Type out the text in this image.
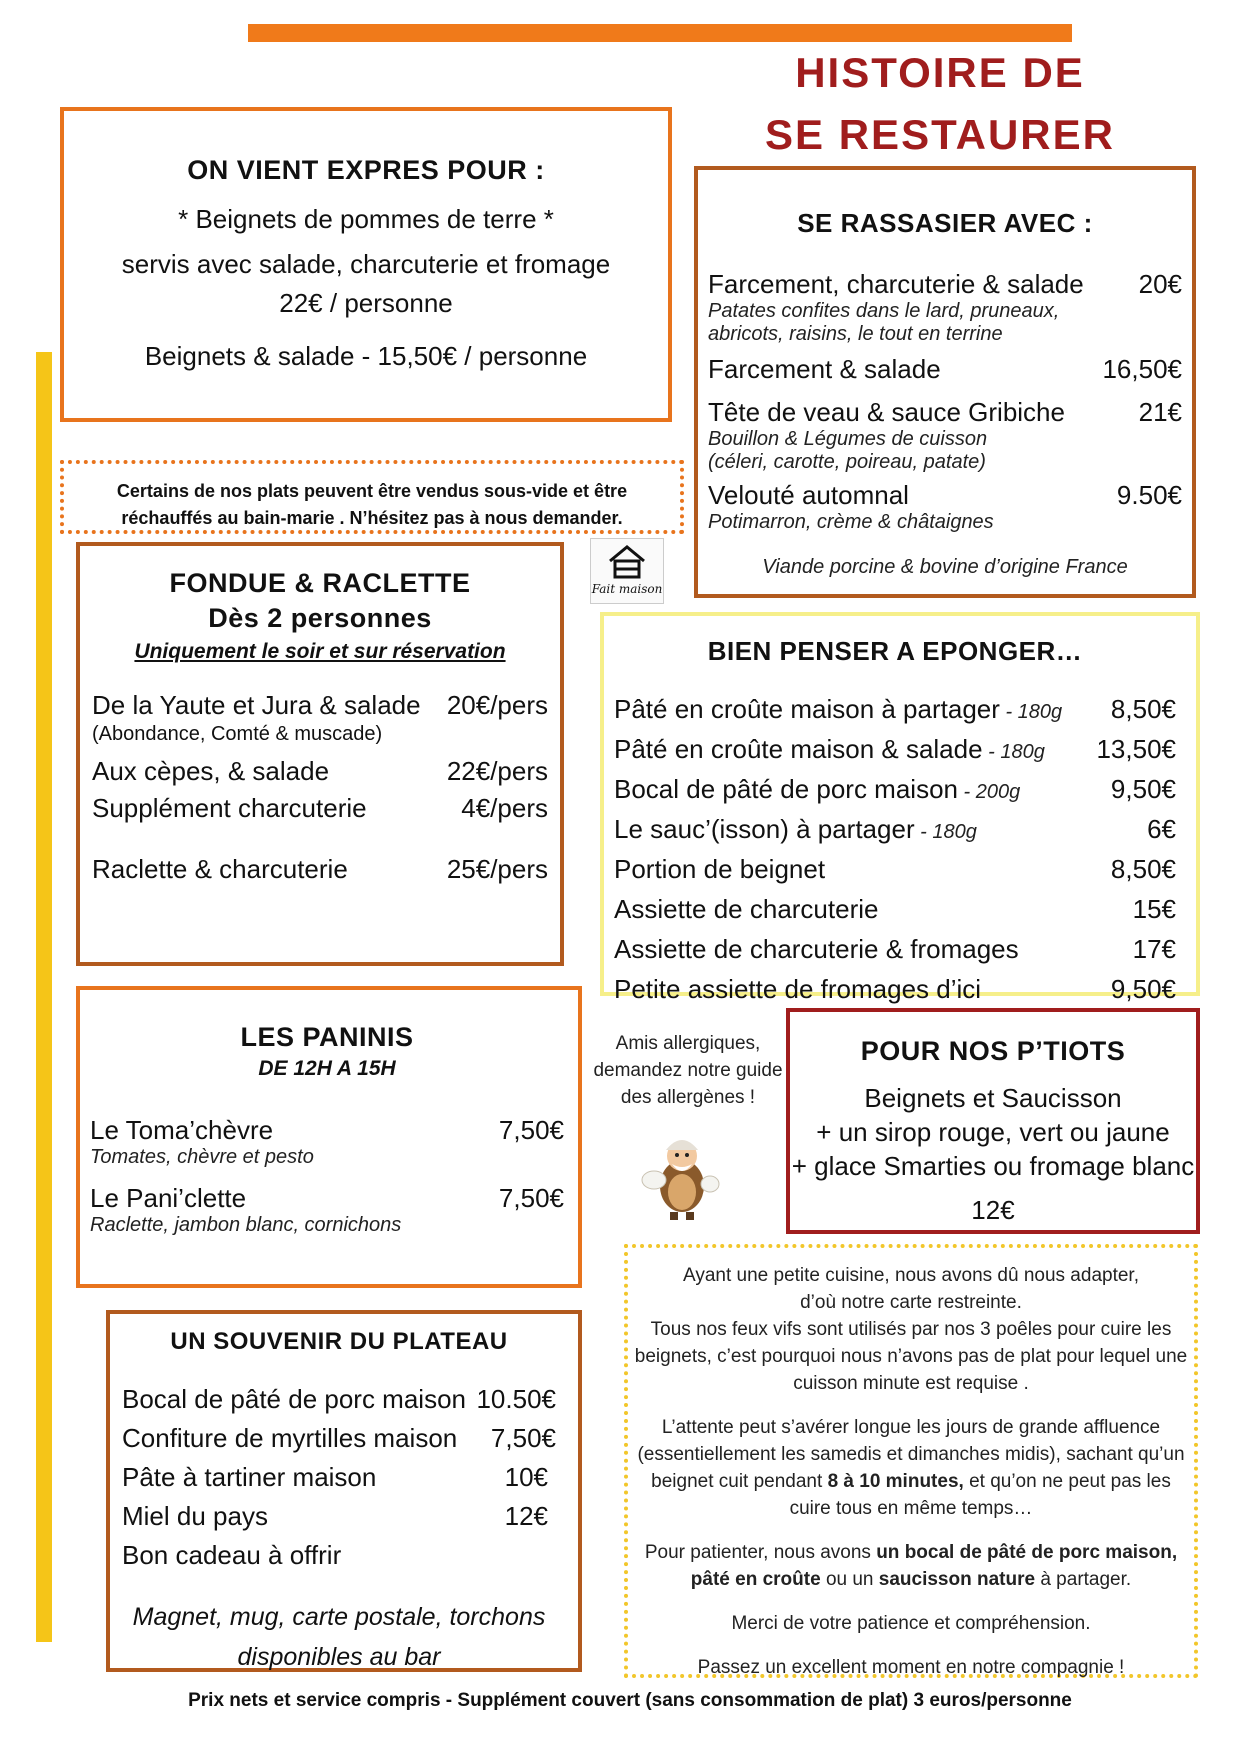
HISTOIRE DE
SE RESTAURER
ON VIENT EXPRES POUR :
* Beignets de pommes de terre *
servis avec salade, charcuterie et fromage
22€ / personne
Beignets & salade - 15,50€ / personne
Certains de nos plats peuvent être vendus sous-vide et être
réchauffés au bain-marie . N’hésitez pas à nous demander.
Fait maison
FONDUE & RACLETTE
Dès 2 personnes
Uniquement le soir et sur réservation
De la Yaute et Jura & salade 20€/pers
(Abondance, Comté & muscade)
Aux cèpes, & salade	22€/pers
Supplément charcuterie	4€/pers
Raclette & charcuterie	25€/pers
LES PANINIS
DE 12H A 15H
Le Toma’chèvre	7,50€
Tomates, chèvre et pesto
Le Pani’clette	7,50€
Raclette, jambon blanc, cornichons
UN SOUVENIR DU PLATEAU
Bocal de pâté de porc maison 10.50€
Confiture de myrtilles maison 7,50€
Pâte à tartiner maison	10€
Miel du pays	12€
Bon cadeau à offrir
Magnet, mug, carte postale, torchons
disponibles au bar
SE RASSASIER AVEC :
Farcement, charcuterie & salade 20€
Patates confites dans le lard, pruneaux,
abricots, raisins, le tout en terrine
Farcement & salade	16,50€
Tête de veau & sauce Gribiche	21€
Bouillon & Légumes de cuisson
(céleri, carotte, poireau, patate)
Velouté automnal	9.50€
Potimarron, crème & châtaignes
Viande porcine & bovine d’origine France
BIEN PENSER A EPONGER…
Pâté en croûte maison à partager - 180g 8,50€
Pâté en croûte maison & salade - 180g 13,50€
Bocal de pâté de porc maison - 200g	9,50€
Le sauc’(isson) à partager - 180g	6€
Portion de beignet	8,50€
Assiette de charcuterie	15€
Assiette de charcuterie & fromages	17€
Petite assiette de fromages d’ici	9,50€
Amis allergiques,
demandez notre guide
des allergènes !
POUR NOS P’TIOTS
Beignets et Saucisson
+ un sirop rouge, vert ou jaune
+ glace Smarties ou fromage blanc
12€
Ayant une petite cuisine, nous avons dû nous adapter,
d’où notre carte restreinte.
Tous nos feux vifs sont utilisés par nos 3 poêles pour cuire les
beignets, c’est pourquoi nous n’avons pas de plat pour lequel une
cuisson minute est requise .
L’attente peut s’avérer longue les jours de grande affluence
(essentiellement les samedis et dimanches midis), sachant qu’un
beignet cuit pendant 8 à 10 minutes, et qu’on ne peut pas les
cuire tous en même temps…
Pour patienter, nous avons un bocal de pâté de porc maison,
pâté en croûte ou un saucisson nature à partager.
Merci de votre patience et compréhension.
Passez un excellent moment en notre compagnie !
Prix nets et service compris - Supplément couvert (sans consommation de plat) 3 euros/personne
